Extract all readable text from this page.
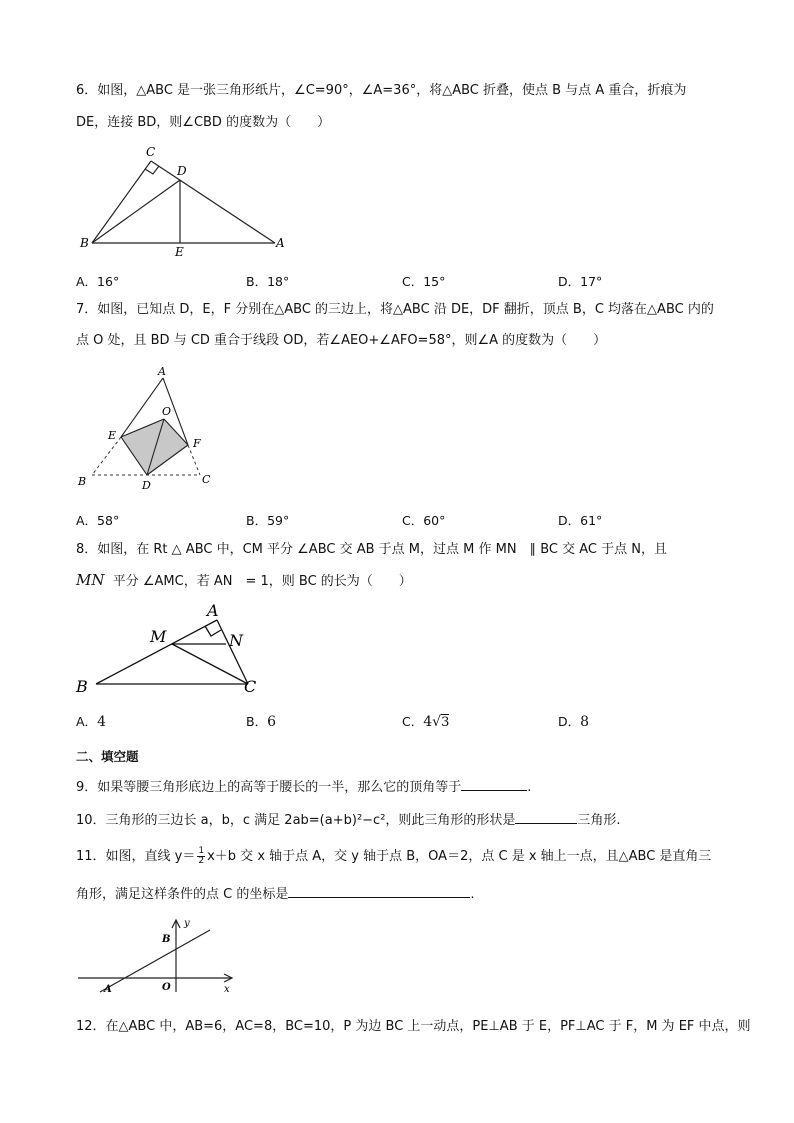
6．如图，△ABC 是一张三角形纸片，∠C=90°，∠A=36°，将△ABC 折叠，使点 B 与点 A 重合，折痕为
DE，连接 BD，则∠CBD 的度数为（　　）
C
D
B
E
A
A．16°	B．18°	C．15°	D．17°
7．如图，已知点 D，E，F 分别在△ABC 的三边上，将△ABC 沿 DE，DF 翻折，顶点 B，C 均落在△ABC 内的
点 O 处，且 BD 与 CD 重合于线段 OD，若∠AEO+∠AFO=58°，则∠A 的度数为（　　）
A
O
E
F
B	D	C
A．58°	B．59°	C．60°	D．61°
8．如图，在 Rt △ ABC 中，CM 平分 ∠ABC 交 AB 于点 M，过点 M 作 MN　∥ BC 交 AC 于点 N，且
MN 平分 ∠AMC，若 AN　= 1，则 BC 的长为（　　）
A
M	N
B	C
A．4	B．6	C．4√3	D．8
二、填空题
9．如果等腰三角形底边上的高等于腰长的一半，那么它的顶角等于	.
10．三角形的三边长 a，b，c 满足 2ab=(a+b)²−c²，则此三角形的形状是	三角形.
11．如图，直线 $y= \frac{1}{2} x+b$ 交 x 轴于点 A，交 y 轴于点 B，OA＝2，点 C 是 x 轴上一点，且△ABC 是直角三
角形，满足这样条件的点 C 的坐标是	.
y
B
A	O	x
12．在△ABC 中，AB=6，AC=8，BC=10，P 为边 BC 上一动点，PE⊥AB 于 E，PF⊥AC 于 F，M 为 EF 中点，则
